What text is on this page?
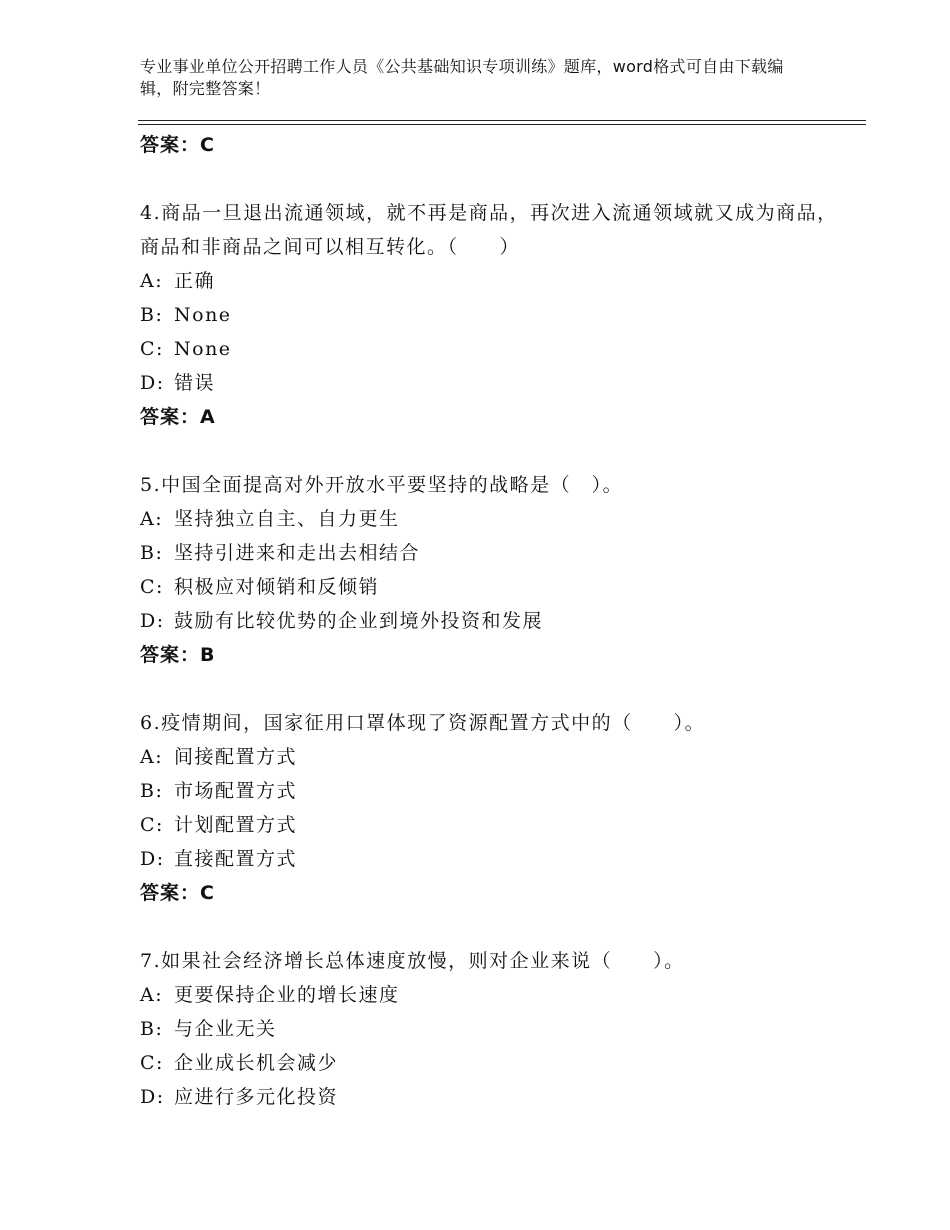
专业事业单位公开招聘工作人员《公共基础知识专项训练》题库，word格式可自由下载编辑，附完整答案！
答案：C
4.商品一旦退出流通领域，就不再是商品，再次进入流通领域就又成为商品，商品和非商品之间可以相互转化。（　　）
A: 正确
B: None
C: None
D: 错误
答案：A
5.中国全面提高对外开放水平要坚持的战略是（　）。
A: 坚持独立自主、自力更生
B: 坚持引进来和走出去相结合
C: 积极应对倾销和反倾销
D: 鼓励有比较优势的企业到境外投资和发展
答案：B
6.疫情期间，国家征用口罩体现了资源配置方式中的（　　）。
A: 间接配置方式
B: 市场配置方式
C: 计划配置方式
D: 直接配置方式
答案：C
7.如果社会经济增长总体速度放慢，则对企业来说（　　）。
A: 更要保持企业的增长速度
B: 与企业无关
C: 企业成长机会减少
D: 应进行多元化投资
